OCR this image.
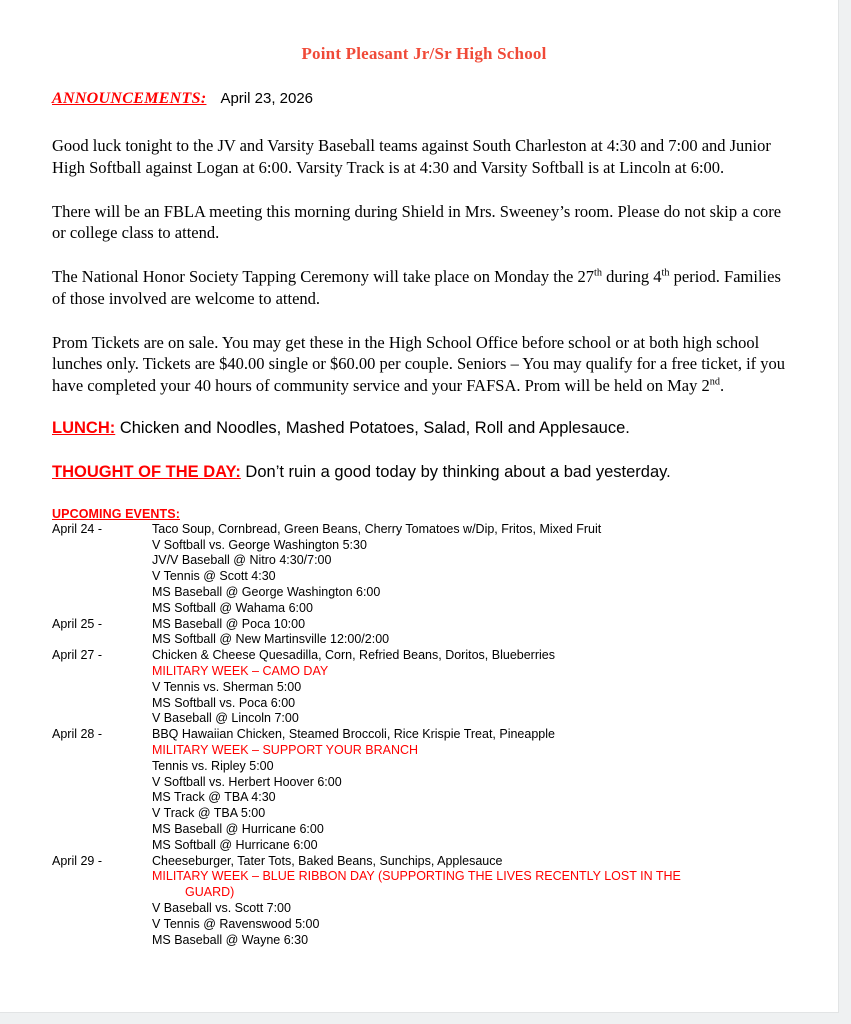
Point Pleasant Jr/Sr High School

ANNOUNCEMENTS: April 23, 2026

Good luck tonight to the JV and Varsity Baseball teams against South Charleston at 4:30 and 7:00 and Junior High Softball against Logan at 6:00. Varsity Track is at 4:30 and Varsity Softball is at Lincoln at 6:00.

There will be an FBLA meeting this morning during Shield in Mrs. Sweeney’s room. Please do not skip a core or college class to attend.

The National Honor Society Tapping Ceremony will take place on Monday the 27th during 4th period. Families of those involved are welcome to attend.

Prom Tickets are on sale. You may get these in the High School Office before school or at both high school lunches only. Tickets are $40.00 single or $60.00 per couple. Seniors – You may qualify for a free ticket, if you have completed your 40 hours of community service and your FAFSA. Prom will be held on May 2nd.

LUNCH: Chicken and Noodles, Mashed Potatoes, Salad, Roll and Applesauce.

THOUGHT OF THE DAY: Don’t ruin a good today by thinking about a bad yesterday.

UPCOMING EVENTS:
April 24 -	Taco Soup, Cornbread, Green Beans, Cherry Tomatoes w/Dip, Fritos, Mixed Fruit
V Softball vs. George Washington 5:30
JV/V Baseball @ Nitro 4:30/7:00
V Tennis @ Scott 4:30
MS Baseball @ George Washington 6:00
MS Softball @ Wahama 6:00
April 25 -	MS Baseball @ Poca 10:00
MS Softball @ New Martinsville 12:00/2:00
April 27 -	Chicken & Cheese Quesadilla, Corn, Refried Beans, Doritos, Blueberries
MILITARY WEEK – CAMO DAY
V Tennis vs. Sherman 5:00
MS Softball vs. Poca 6:00
V Baseball @ Lincoln 7:00
April 28 -	BBQ Hawaiian Chicken, Steamed Broccoli, Rice Krispie Treat, Pineapple
MILITARY WEEK – SUPPORT YOUR BRANCH
Tennis vs. Ripley 5:00
V Softball vs. Herbert Hoover 6:00
MS Track @ TBA 4:30
V Track @ TBA 5:00
MS Baseball @ Hurricane 6:00
MS Softball @ Hurricane 6:00
April 29 -	Cheeseburger, Tater Tots, Baked Beans, Sunchips, Applesauce
MILITARY WEEK – BLUE RIBBON DAY (SUPPORTING THE LIVES RECENTLY LOST IN THE
GUARD)
V Baseball vs. Scott 7:00
V Tennis @ Ravenswood 5:00
MS Baseball @ Wayne 6:30
